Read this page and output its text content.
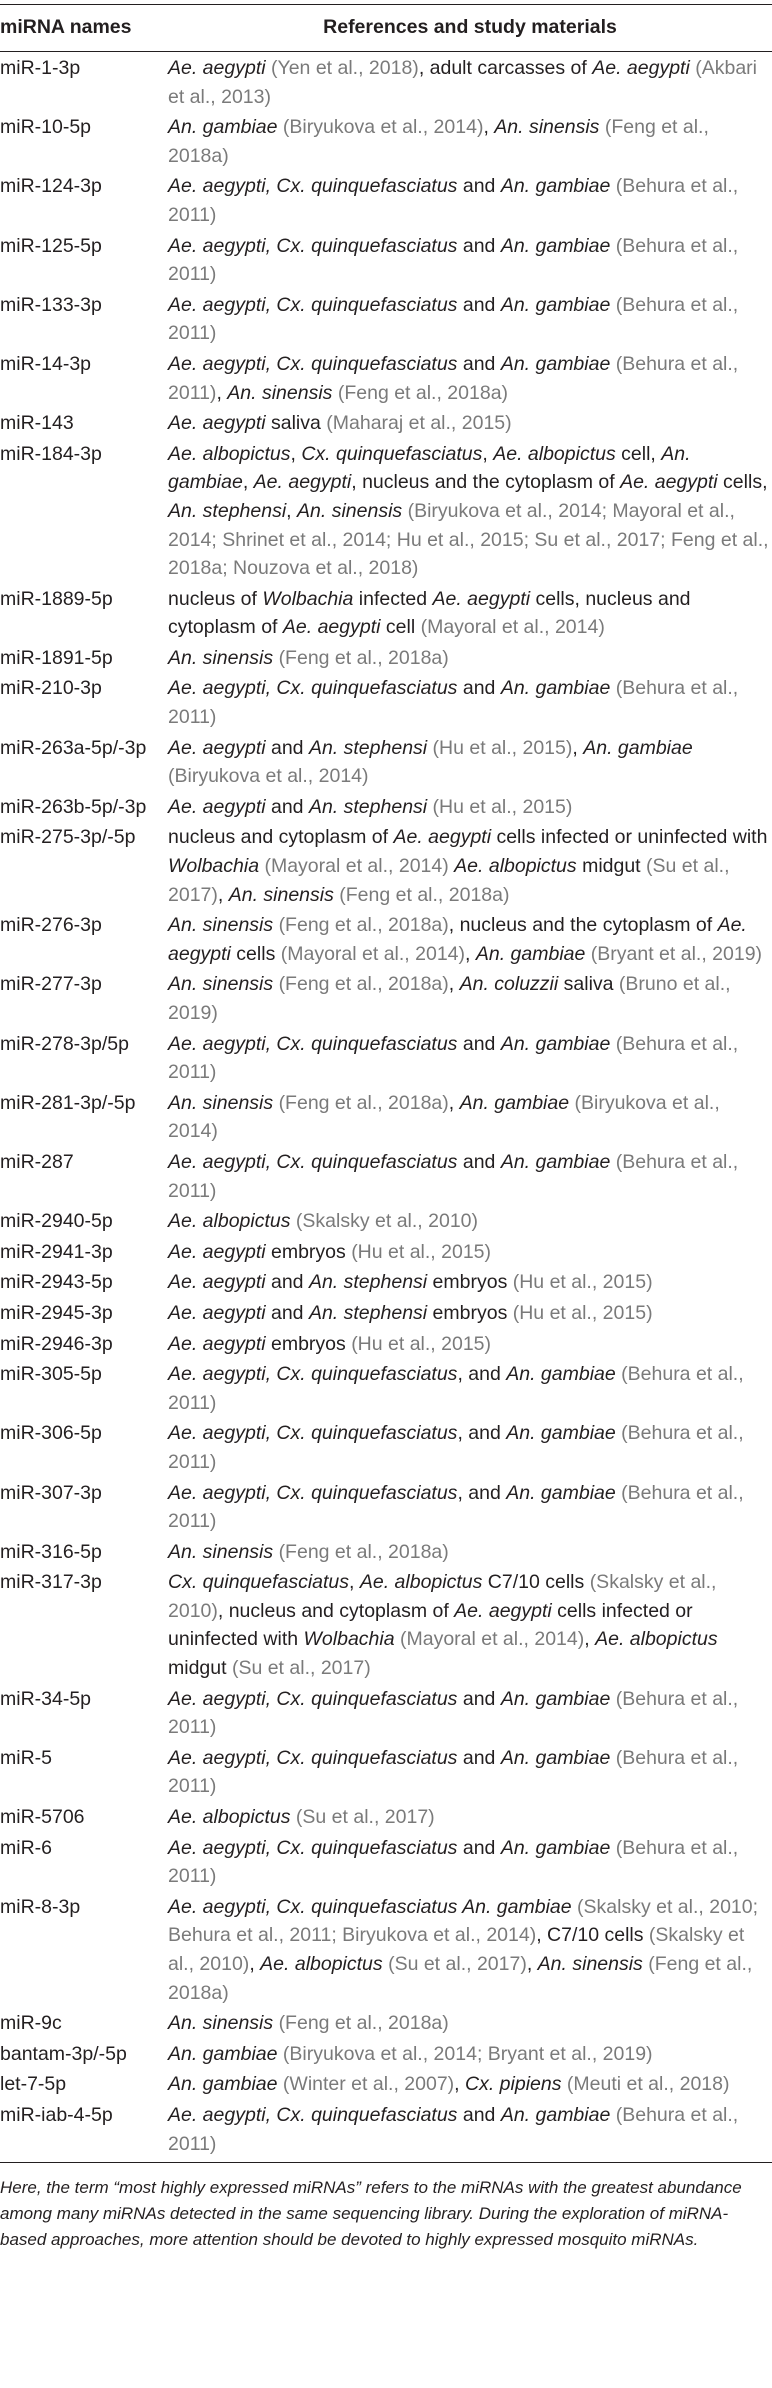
miRNA names	References and study materials
miR-1-3p	Ae. aegypti (Yen et al., 2018), adult carcasses of Ae. aegypti (Akbari et al., 2013)
miR-10-5p	An. gambiae (Biryukova et al., 2014), An. sinensis (Feng et al., 2018a)
miR-124-3p	Ae. aegypti, Cx. quinquefasciatus and An. gambiae (Behura et al., 2011)
miR-125-5p	Ae. aegypti, Cx. quinquefasciatus and An. gambiae (Behura et al., 2011)
miR-133-3p	Ae. aegypti, Cx. quinquefasciatus and An. gambiae (Behura et al., 2011)
miR-14-3p	Ae. aegypti, Cx. quinquefasciatus and An. gambiae (Behura et al., 2011), An. sinensis (Feng et al., 2018a)
miR-143	Ae. aegypti saliva (Maharaj et al., 2015)
miR-184-3p	Ae. albopictus, Cx. quinquefasciatus, Ae. albopictus cell, An. gambiae, Ae. aegypti, nucleus and the cytoplasm of Ae. aegypti cells, An. stephensi, An. sinensis (Biryukova et al., 2014; Mayoral et al., 2014; Shrinet et al., 2014; Hu et al., 2015; Su et al., 2017; Feng et al., 2018a; Nouzova et al., 2018)
miR-1889-5p	nucleus of Wolbachia infected Ae. aegypti cells, nucleus and cytoplasm of Ae. aegypti cell (Mayoral et al., 2014)
miR-1891-5p	An. sinensis (Feng et al., 2018a)
miR-210-3p	Ae. aegypti, Cx. quinquefasciatus and An. gambiae (Behura et al., 2011)
miR-263a-5p/-3p	Ae. aegypti and An. stephensi (Hu et al., 2015), An. gambiae (Biryukova et al., 2014)
miR-263b-5p/-3p	Ae. aegypti and An. stephensi (Hu et al., 2015)
miR-275-3p/-5p	nucleus and cytoplasm of Ae. aegypti cells infected or uninfected with Wolbachia (Mayoral et al., 2014) Ae. albopictus midgut (Su et al., 2017), An. sinensis (Feng et al., 2018a)
miR-276-3p	An. sinensis (Feng et al., 2018a), nucleus and the cytoplasm of Ae. aegypti cells (Mayoral et al., 2014), An. gambiae (Bryant et al., 2019)
miR-277-3p	An. sinensis (Feng et al., 2018a), An. coluzzii saliva (Bruno et al., 2019)
miR-278-3p/5p	Ae. aegypti, Cx. quinquefasciatus and An. gambiae (Behura et al., 2011)
miR-281-3p/-5p	An. sinensis (Feng et al., 2018a), An. gambiae (Biryukova et al., 2014)
miR-287	Ae. aegypti, Cx. quinquefasciatus and An. gambiae (Behura et al., 2011)
miR-2940-5p	Ae. albopictus (Skalsky et al., 2010)
miR-2941-3p	Ae. aegypti embryos (Hu et al., 2015)
miR-2943-5p	Ae. aegypti and An. stephensi embryos (Hu et al., 2015)
miR-2945-3p	Ae. aegypti and An. stephensi embryos (Hu et al., 2015)
miR-2946-3p	Ae. aegypti embryos (Hu et al., 2015)
miR-305-5p	Ae. aegypti, Cx. quinquefasciatus, and An. gambiae (Behura et al., 2011)
miR-306-5p	Ae. aegypti, Cx. quinquefasciatus, and An. gambiae (Behura et al., 2011)
miR-307-3p	Ae. aegypti, Cx. quinquefasciatus, and An. gambiae (Behura et al., 2011)
miR-316-5p	An. sinensis (Feng et al., 2018a)
miR-317-3p	Cx. quinquefasciatus, Ae. albopictus C7/10 cells (Skalsky et al., 2010), nucleus and cytoplasm of Ae. aegypti cells infected or uninfected with Wolbachia (Mayoral et al., 2014), Ae. albopictus midgut (Su et al., 2017)
miR-34-5p	Ae. aegypti, Cx. quinquefasciatus and An. gambiae (Behura et al., 2011)
miR-5	Ae. aegypti, Cx. quinquefasciatus and An. gambiae (Behura et al., 2011)
miR-5706	Ae. albopictus (Su et al., 2017)
miR-6	Ae. aegypti, Cx. quinquefasciatus and An. gambiae (Behura et al., 2011)
miR-8-3p	Ae. aegypti, Cx. quinquefasciatus An. gambiae (Skalsky et al., 2010; Behura et al., 2011; Biryukova et al., 2014), C7/10 cells (Skalsky et al., 2010), Ae. albopictus (Su et al., 2017), An. sinensis (Feng et al., 2018a)
miR-9c	An. sinensis (Feng et al., 2018a)
bantam-3p/-5p	An. gambiae (Biryukova et al., 2014; Bryant et al., 2019)
let-7-5p	An. gambiae (Winter et al., 2007), Cx. pipiens (Meuti et al., 2018)
miR-iab-4-5p	Ae. aegypti, Cx. quinquefasciatus and An. gambiae (Behura et al., 2011)
Here, the term “most highly expressed miRNAs” refers to the miRNAs with the greatest abundance among many miRNAs detected in the same sequencing library. During the exploration of miRNA-based approaches, more attention should be devoted to highly expressed mosquito miRNAs.
